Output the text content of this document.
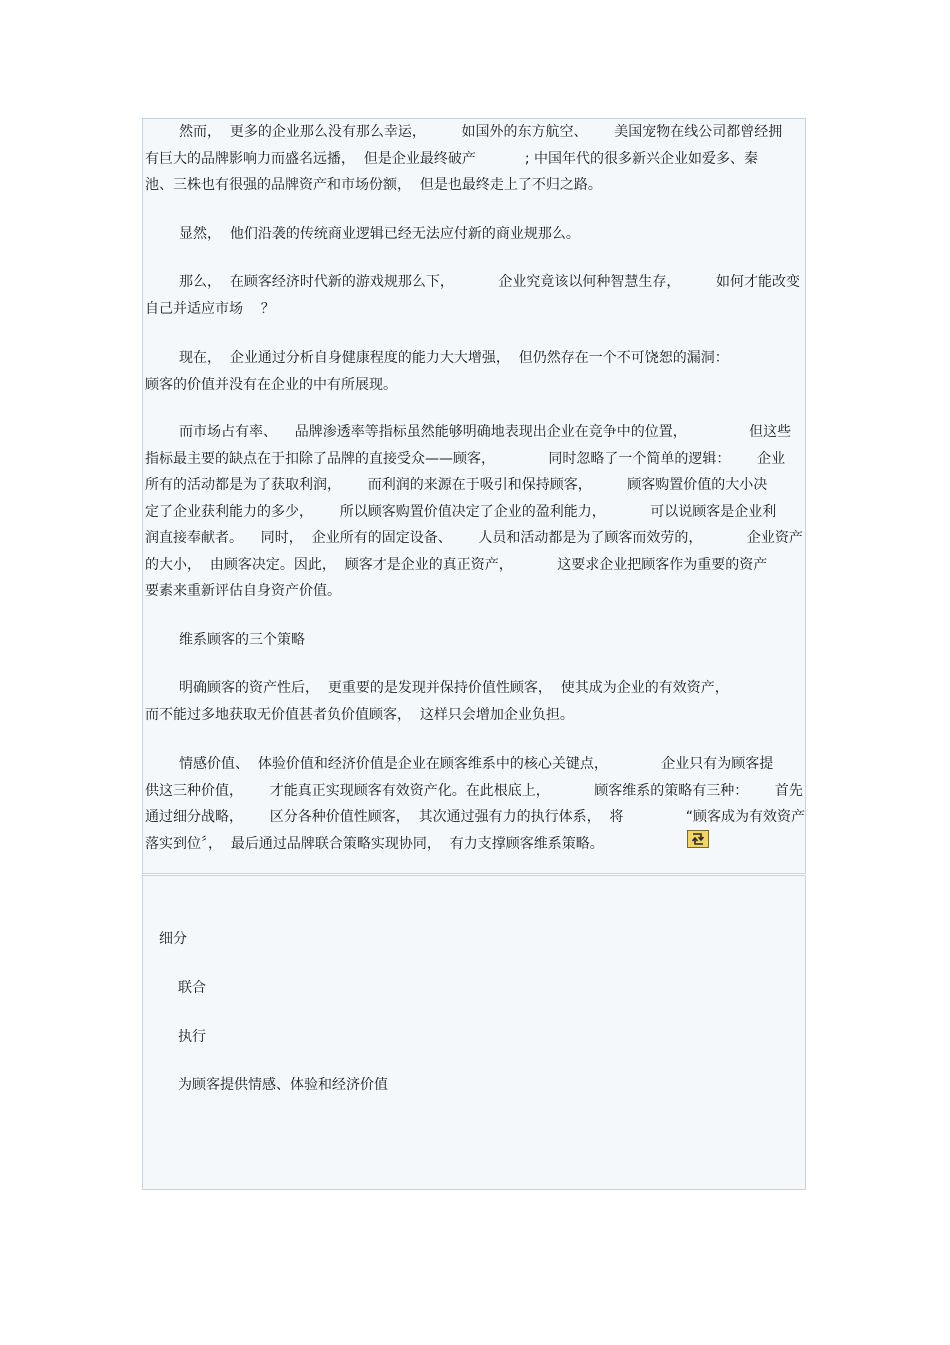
然而，  更多的企业那么没有那么幸运，        如国外的东方航空、      美国宠物在线公司都曾经拥
有巨大的品牌影响力而盛名远播，  但是企业最终破产           ; 中国年代的很多新兴企业如爱多、秦
池、三株也有很强的品牌资产和市场份额，  但是也最终走上了不归之路。
显然，  他们沿袭的传统商业逻辑已经无法应付新的商业规那么。
那么，  在顾客经济时代新的游戏规那么下，          企业究竟该以何种智慧生存，        如何才能改变
自己并适应市场    ？
现在，  企业通过分析自身健康程度的能力大大增强，  但仍然存在一个不可饶恕的漏洞：
顾客的价值并没有在企业的中有所展现。
而市场占有率、    品牌渗透率等指标虽然能够明确地表现出企业在竞争中的位置，              但这些
指标最主要的缺点在于扣除了品牌的直接受众——顾客，            同时忽略了一个简单的逻辑：      企业
所有的活动都是为了获取利润，      而利润的来源在于吸引和保持顾客，        顾客购置价值的大小决
定了企业获利能力的多少，      所以顾客购置价值决定了企业的盈利能力，          可以说顾客是企业利
润直接奉献者。    同时，  企业所有的固定设备、      人员和活动都是为了顾客而效劳的，          企业资产
的大小，  由顾客决定。因此，  顾客才是企业的真正资产，          这要求企业把顾客作为重要的资产
要素来重新评估自身资产价值。
维系顾客的三个策略
明确顾客的资产性后，  更重要的是发现并保持价值性顾客，  使其成为企业的有效资产，
而不能过多地获取无价值甚者负价值顾客，  这样只会增加企业负担。
情感价值、  体验价值和经济价值是企业在顾客维系中的核心关键点，            企业只有为顾客提
供这三种价值，      才能真正实现顾客有效资产化。在此根底上，          顾客维系的策略有三种：      首先
通过细分战略，      区分各种价值性顾客，  其次通过强有力的执行体系，  将              “顾客成为有效资产
落实到位〞，  最后通过品牌联合策略实现协同，  有力支撑顾客维系策略。
细分
联合
执行
为顾客提供情感、体验和经济价值
